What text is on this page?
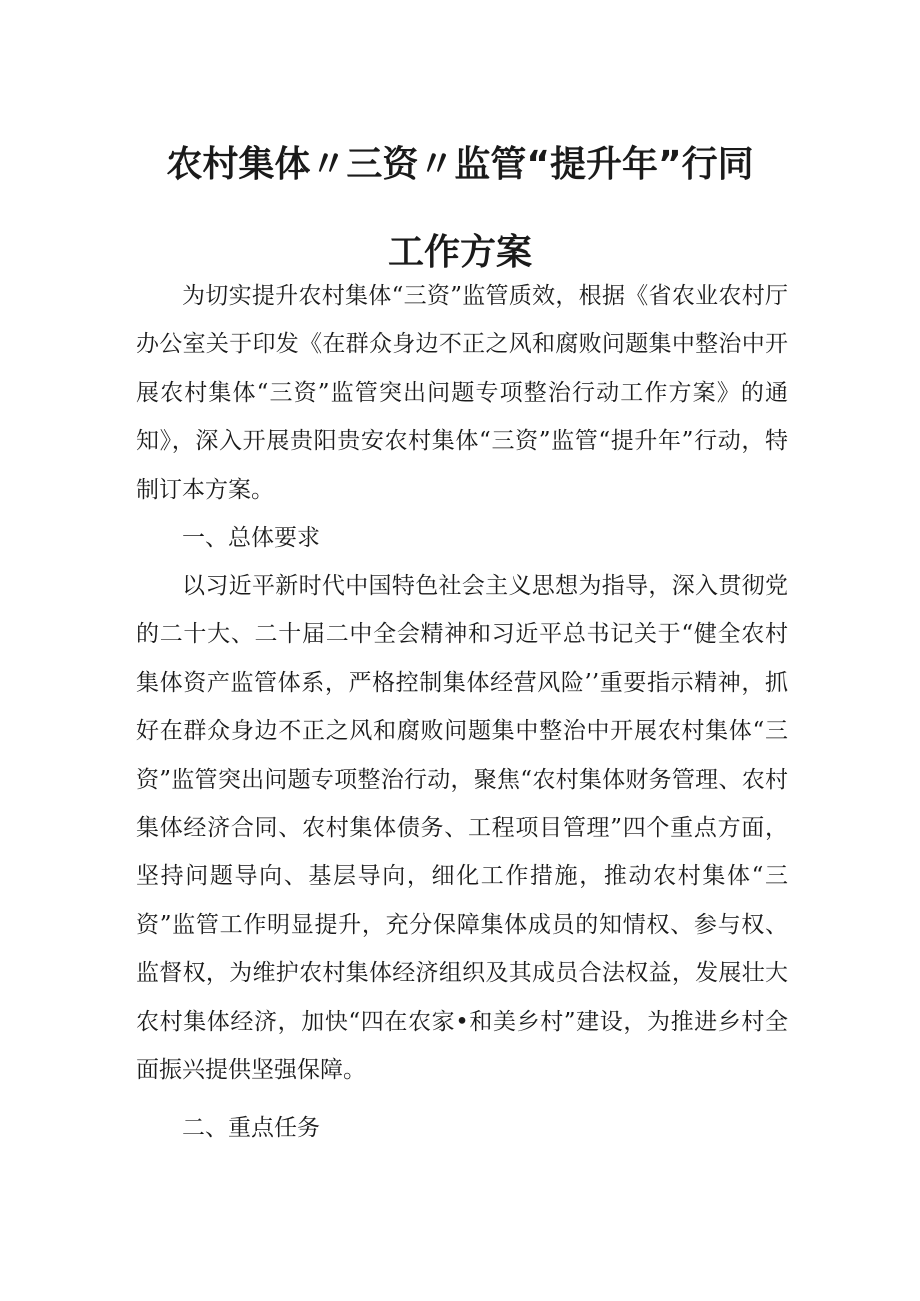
农村集体〃三资〃监管“提升年”行同
工作方案

为切实提升农村集体“三资”监管质效，根据《省农业农村厅办公室关于印发《在群众身边不正之风和腐败问题集中整治中开展农村集体“三资”监管突出问题专项整治行动工作方案》的通知》，深入开展贵阳贵安农村集体“三资”监管“提升年”行动，特制订本方案。

一、总体要求

以习近平新时代中国特色社会主义思想为指导，深入贯彻党的二十大、二十届二中全会精神和习近平总书记关于“健全农村集体资产监管体系，严格控制集体经营风险’’重要指示精神，抓好在群众身边不正之风和腐败问题集中整治中开展农村集体“三资”监管突出问题专项整治行动，聚焦“农村集体财务管理、农村集体经济合同、农村集体债务、工程项目管理”四个重点方面，坚持问题导向、基层导向，细化工作措施，推动农村集体“三资”监管工作明显提升，充分保障集体成员的知情权、参与权、监督权，为维护农村集体经济组织及其成员合法权益，发展壮大农村集体经济，加快“四在农家•和美乡村”建设，为推进乡村全面振兴提供坚强保障。

二、重点任务
